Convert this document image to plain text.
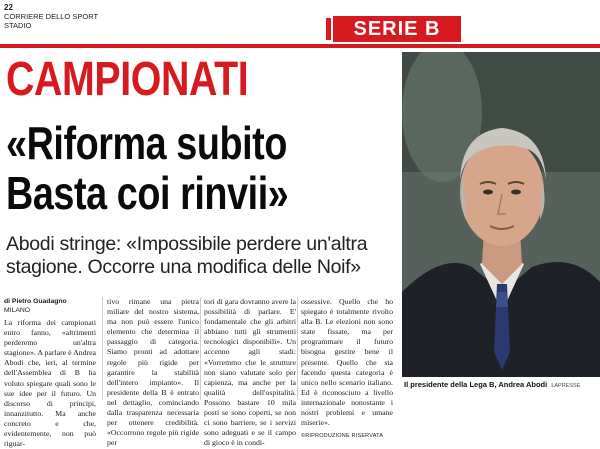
22
CORRIERE DELLO SPORT
STADIO	SERIE B
CAMPIONATI
«Riforma subito
Basta coi rinvii»
Abodi stringe: «Impossibile perdere un'altra stagione. Occorre una modifica delle Noif»
Il presidente della Lega B, Andrea Abodi LAPRESSE
di Pietro Guadagno
MILANO

La riforma dei campionati entro fanno, «altrimenti perderemo un'altra stagione». A parlare è Andrea Abodi che, ieri, al termine dell'Assemblea di B ha voluto spiegare quali sono le sue idee per il futuro. Un discorso di principi, innanzitutto. Ma anche concreto e che, evidentemente, non può riguar-

tivo rimane una pietra miliare del nostro sistema, ma non può essere l'unico elemento che determina il passaggio di categoria. Siamo pronti ad adottare regole più rigide per garantire la stabilità dell'intero impianto». Il presidente della B è entrato nel dettaglio, cominciando dalla trasparenza necessaria per ottenere credibilità. «Occorrono regole più rigide per

tori di gara dovranno avere la possibilità di parlare. E' fondamentale che gli arbitri abbiano tutti gli strumenti tecnologici disponibili». Un accenno agli stadi: «Vorremmo che le strutture non siano valutate solo per capienza, ma anche per la qualità dell'ospitalità. Possono bastare 10 mila posti se sono coperti, se non ci sono barriere, se i servizi sono adeguati e se il campo di gioco è in condi-

ossessive. Quello che ho spiegato è totalmente rivolto alla B. Le elezioni non sono state fissate, ma per programmare il futuro bisogna gestire bene il presente. Quello che sta facendo questa categoria è unico nello scenario italiano. Ed è riconosciuto a livello internazionale nonostante i nostri problemi e umane miserie».

©RIPRODUZIONE RISERVATA
